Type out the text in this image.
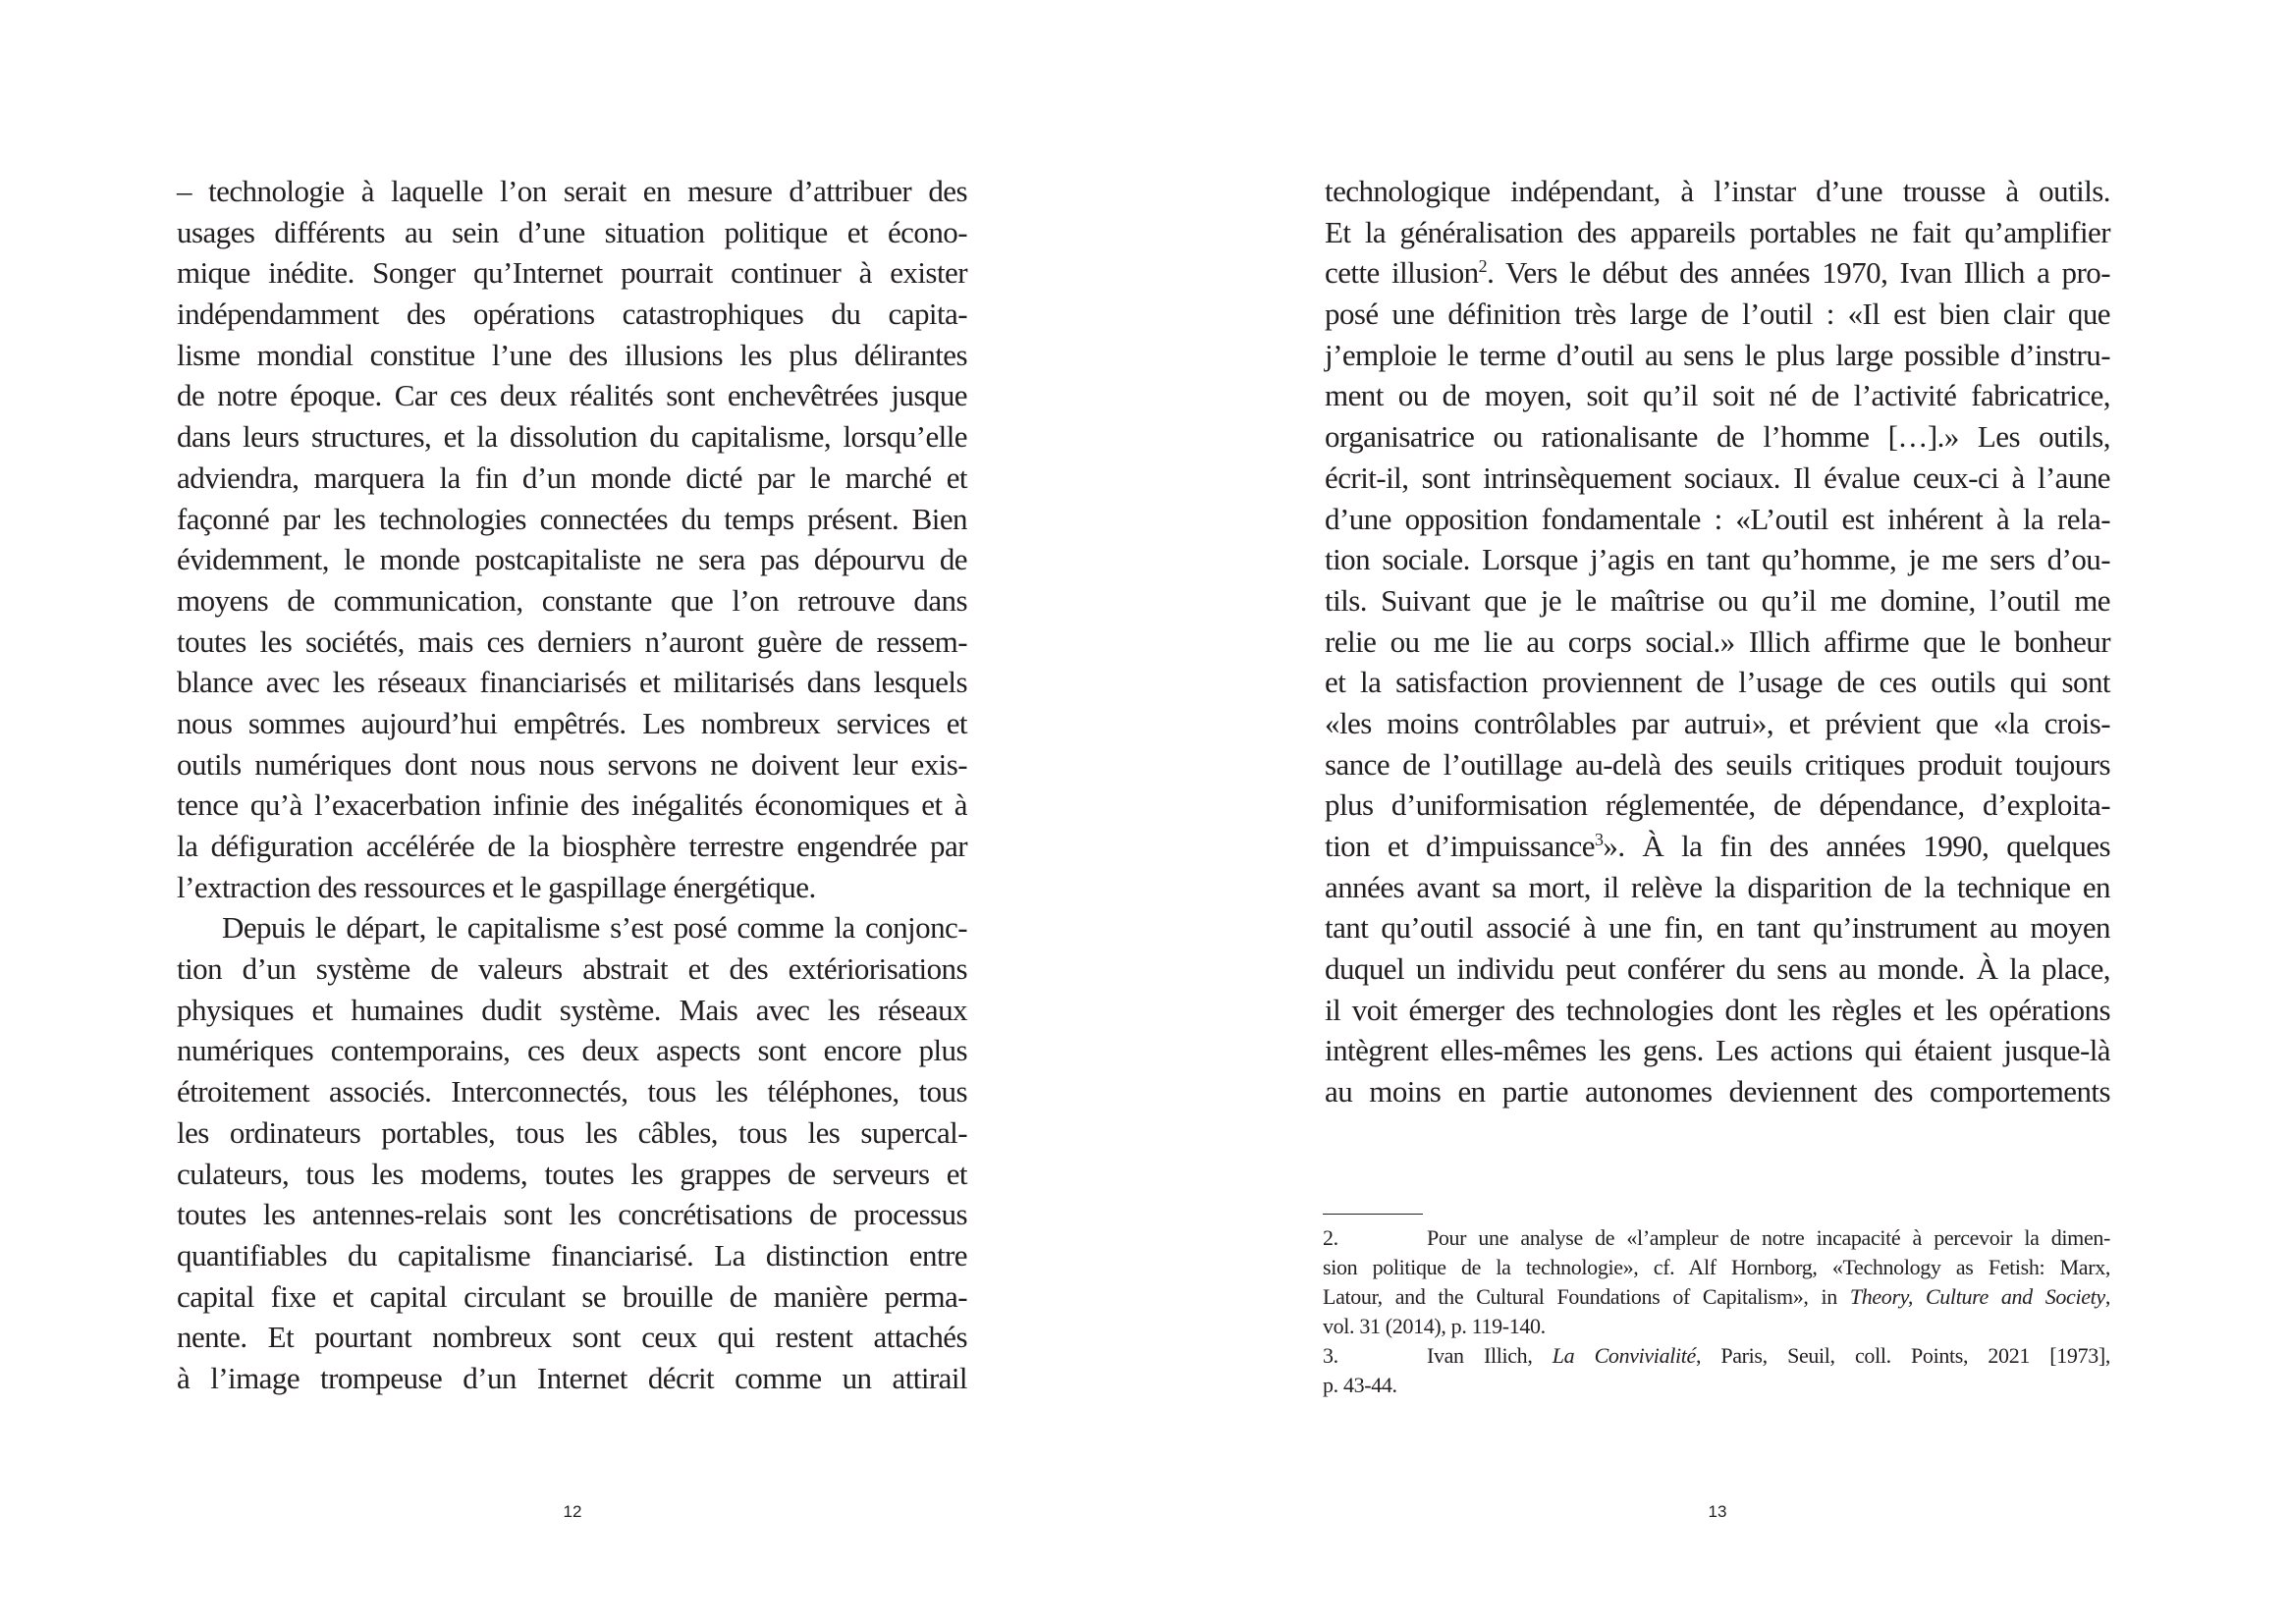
– technologie à laquelle l’on serait en mesure d’attribuer des
usages différents au sein d’une situation politique et écono-
mique inédite. Songer qu’Internet pourrait continuer à exister
indépendamment des opérations catastrophiques du capita-
lisme mondial constitue l’une des illusions les plus délirantes
de notre époque. Car ces deux réalités sont enchevêtrées jusque
dans leurs structures, et la dissolution du capitalisme, lorsqu’elle
adviendra, marquera la fin d’un monde dicté par le marché et
façonné par les technologies connectées du temps présent. Bien
évidemment, le monde postcapitaliste ne sera pas dépourvu de
moyens de communication, constante que l’on retrouve dans
toutes les sociétés, mais ces derniers n’auront guère de ressem-
blance avec les réseaux financiarisés et militarisés dans lesquels
nous sommes aujourd’hui empêtrés. Les nombreux services et
outils numériques dont nous nous servons ne doivent leur exis-
tence qu’à l’exacerbation infinie des inégalités économiques et à
la défiguration accélérée de la biosphère terrestre engendrée par
l’extraction des ressources et le gaspillage énergétique.
Depuis le départ, le capitalisme s’est posé comme la conjonc-
tion d’un système de valeurs abstrait et des extériorisations
physiques et humaines dudit système. Mais avec les réseaux
numériques contemporains, ces deux aspects sont encore plus
étroitement associés. Interconnectés, tous les téléphones, tous
les ordinateurs portables, tous les câbles, tous les supercal-
culateurs, tous les modems, toutes les grappes de serveurs et
toutes les antennes-relais sont les concrétisations de processus
quantifiables du capitalisme financiarisé. La distinction entre
capital fixe et capital circulant se brouille de manière perma-
nente. Et pourtant nombreux sont ceux qui restent attachés
à l’image trompeuse d’un Internet décrit comme un attirail
12
technologique indépendant, à l’instar d’une trousse à outils.
Et la généralisation des appareils portables ne fait qu’amplifier
cette illusion$^2$. Vers le début des années 1970, Ivan Illich a pro-
posé une définition très large de l’outil : «Il est bien clair que
j’emploie le terme d’outil au sens le plus large possible d’instru-
ment ou de moyen, soit qu’il soit né de l’activité fabricatrice,
organisatrice ou rationalisante de l’homme […].» Les outils,
écrit-il, sont intrinsèquement sociaux. Il évalue ceux-ci à l’aune
d’une opposition fondamentale : «L’outil est inhérent à la rela-
tion sociale. Lorsque j’agis en tant qu’homme, je me sers d’ou-
tils. Suivant que je le maîtrise ou qu’il me domine, l’outil me
relie ou me lie au corps social.» Illich affirme que le bonheur
et la satisfaction proviennent de l’usage de ces outils qui sont
«les moins contrôlables par autrui», et prévient que «la crois-
sance de l’outillage au-delà des seuils critiques produit toujours
plus d’uniformisation réglementée, de dépendance, d’exploita-
tion et d’impuissance$^3$». À la fin des années 1990, quelques
années avant sa mort, il relève la disparition de la technique en
tant qu’outil associé à une fin, en tant qu’instrument au moyen
duquel un individu peut conférer du sens au monde. À la place,
il voit émerger des technologies dont les règles et les opérations
intègrent elles-mêmes les gens. Les actions qui étaient jusque-là
au moins en partie autonomes deviennent des comportements
2.	Pour une analyse de «l’ampleur de notre incapacité à percevoir la dimen-
sion politique de la technologie», cf. Alf Hornborg, «Technology as Fetish: Marx,
Latour, and the Cultural Foundations of Capitalism», in Theory, Culture and Society,
vol. 31 (2014), p. 119-140.
3.	Ivan Illich, La Convivialité, Paris, Seuil, coll. Points, 2021 [1973],
p. 43-44.
13
